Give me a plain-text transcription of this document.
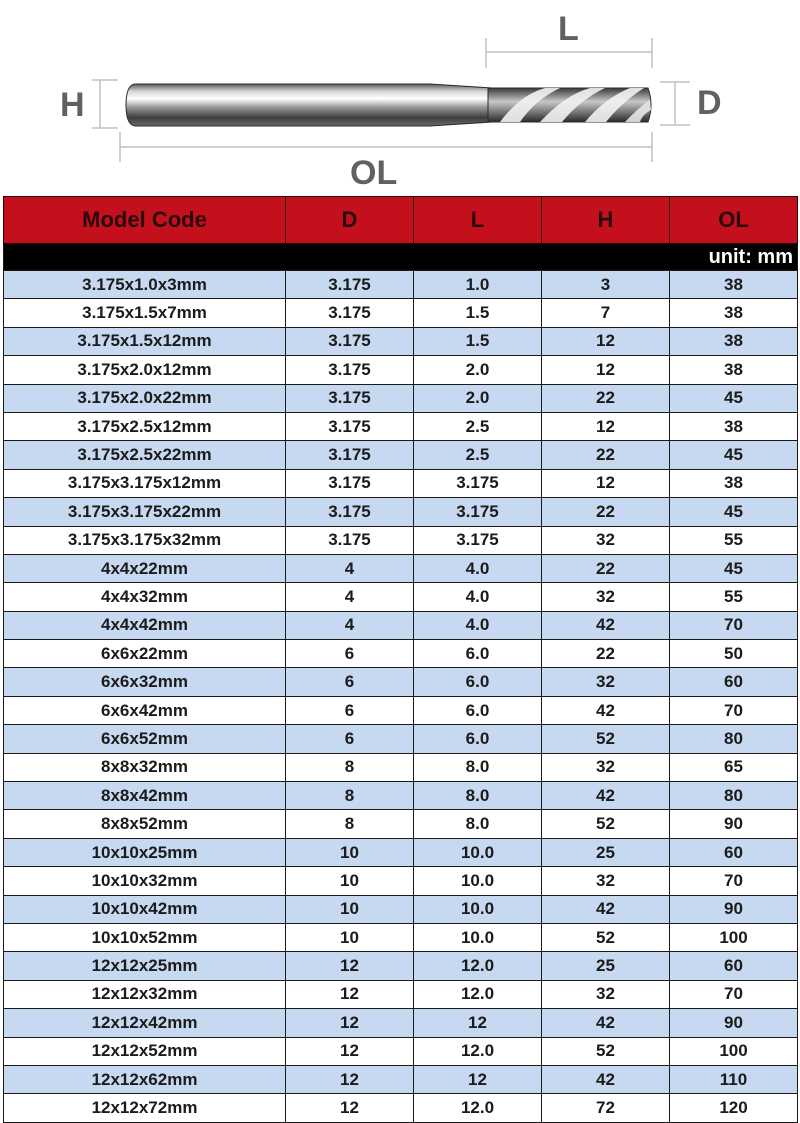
L
H	D
OL
Model Code	D	L	H	OL
unit: mm				
3.175x1.0x3mm	3.175	1.0	3	38
3.175x1.5x7mm	3.175	1.5	7	38
3.175x1.5x12mm	3.175	1.5	12	38
3.175x2.0x12mm	3.175	2.0	12	38
3.175x2.0x22mm	3.175	2.0	22	45
3.175x2.5x12mm	3.175	2.5	12	38
3.175x2.5x22mm	3.175	2.5	22	45
3.175x3.175x12mm	3.175	3.175	12	38
3.175x3.175x22mm	3.175	3.175	22	45
3.175x3.175x32mm	3.175	3.175	32	55
4x4x22mm	4	4.0	22	45
4x4x32mm	4	4.0	32	55
4x4x42mm	4	4.0	42	70
6x6x22mm	6	6.0	22	50
6x6x32mm	6	6.0	32	60
6x6x42mm	6	6.0	42	70
6x6x52mm	6	6.0	52	80
8x8x32mm	8	8.0	32	65
8x8x42mm	8	8.0	42	80
8x8x52mm	8	8.0	52	90
10x10x25mm	10	10.0	25	60
10x10x32mm	10	10.0	32	70
10x10x42mm	10	10.0	42	90
10x10x52mm	10	10.0	52	100
12x12x25mm	12	12.0	25	60
12x12x32mm	12	12.0	32	70
12x12x42mm	12	12	42	90
12x12x52mm	12	12.0	52	100
12x12x62mm	12	12	42	110
12x12x72mm	12	12.0	72	120
